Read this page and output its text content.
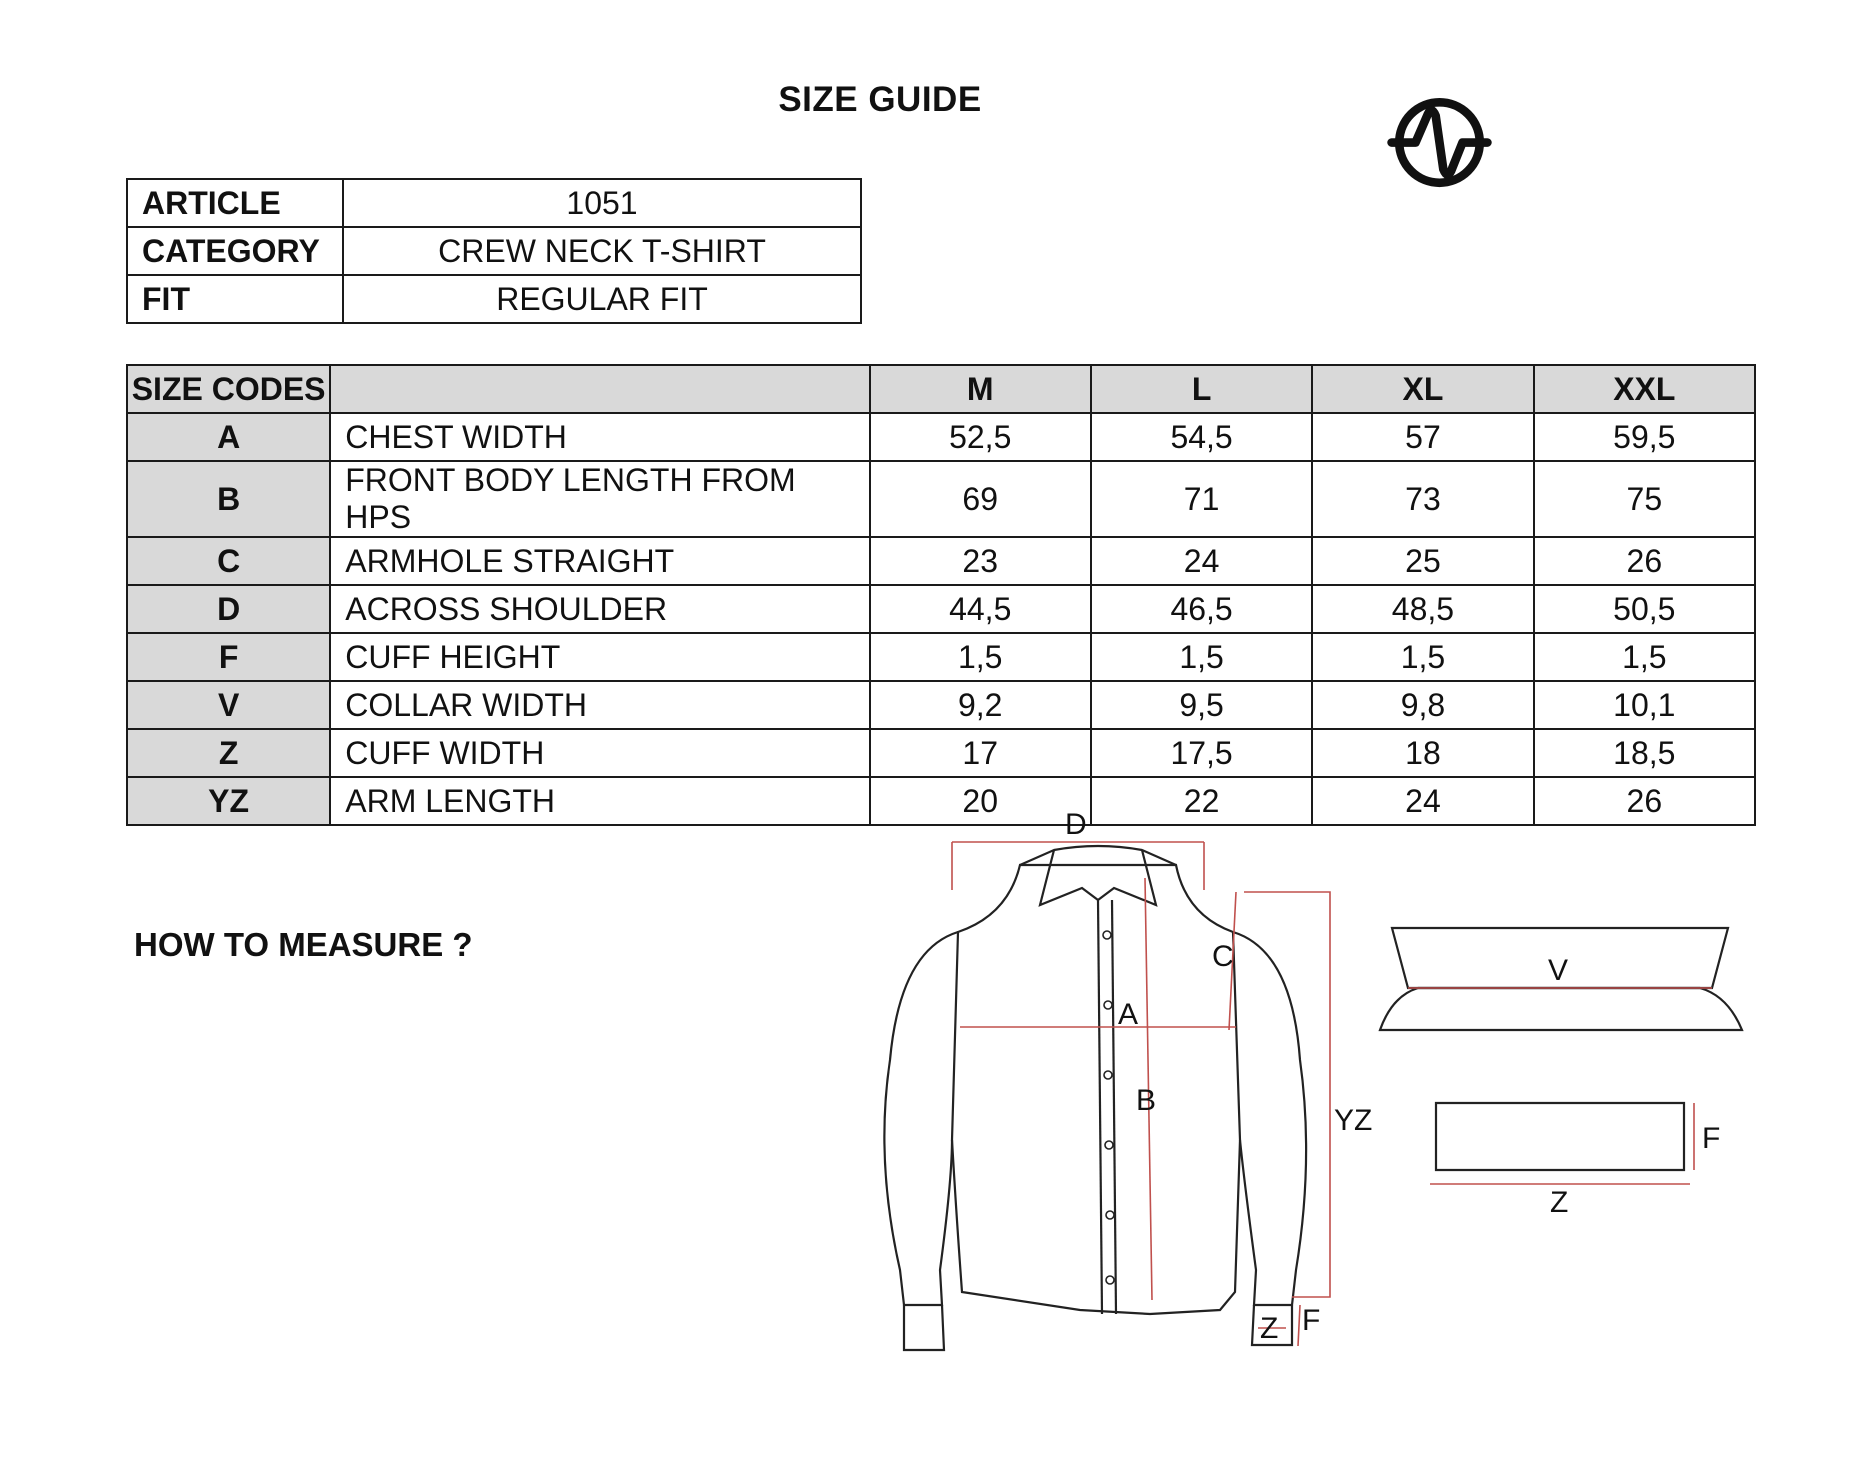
SIZE GUIDE
ARTICLE	1051
CATEGORY	CREW NECK T-SHIRT
FIT	REGULAR FIT
SIZE CODES		M	L	XL	XXL
A	CHEST WIDTH	52,5	54,5	57	59,5
B	FRONT BODY LENGTH FROM HPS	69	71	73	75
C	ARMHOLE STRAIGHT	23	24	25	26
D	ACROSS SHOULDER	44,5	46,5	48,5	50,5
F	CUFF HEIGHT	1,5	1,5	1,5	1,5
V	COLLAR WIDTH	9,2	9,5	9,8	10,1
Z	CUFF WIDTH	17	17,5	18	18,5
YZ	ARM LENGTH	20	22	24	26
HOW TO MEASURE ?
D
A
B
C
YZ
Z F
V
F
Z
